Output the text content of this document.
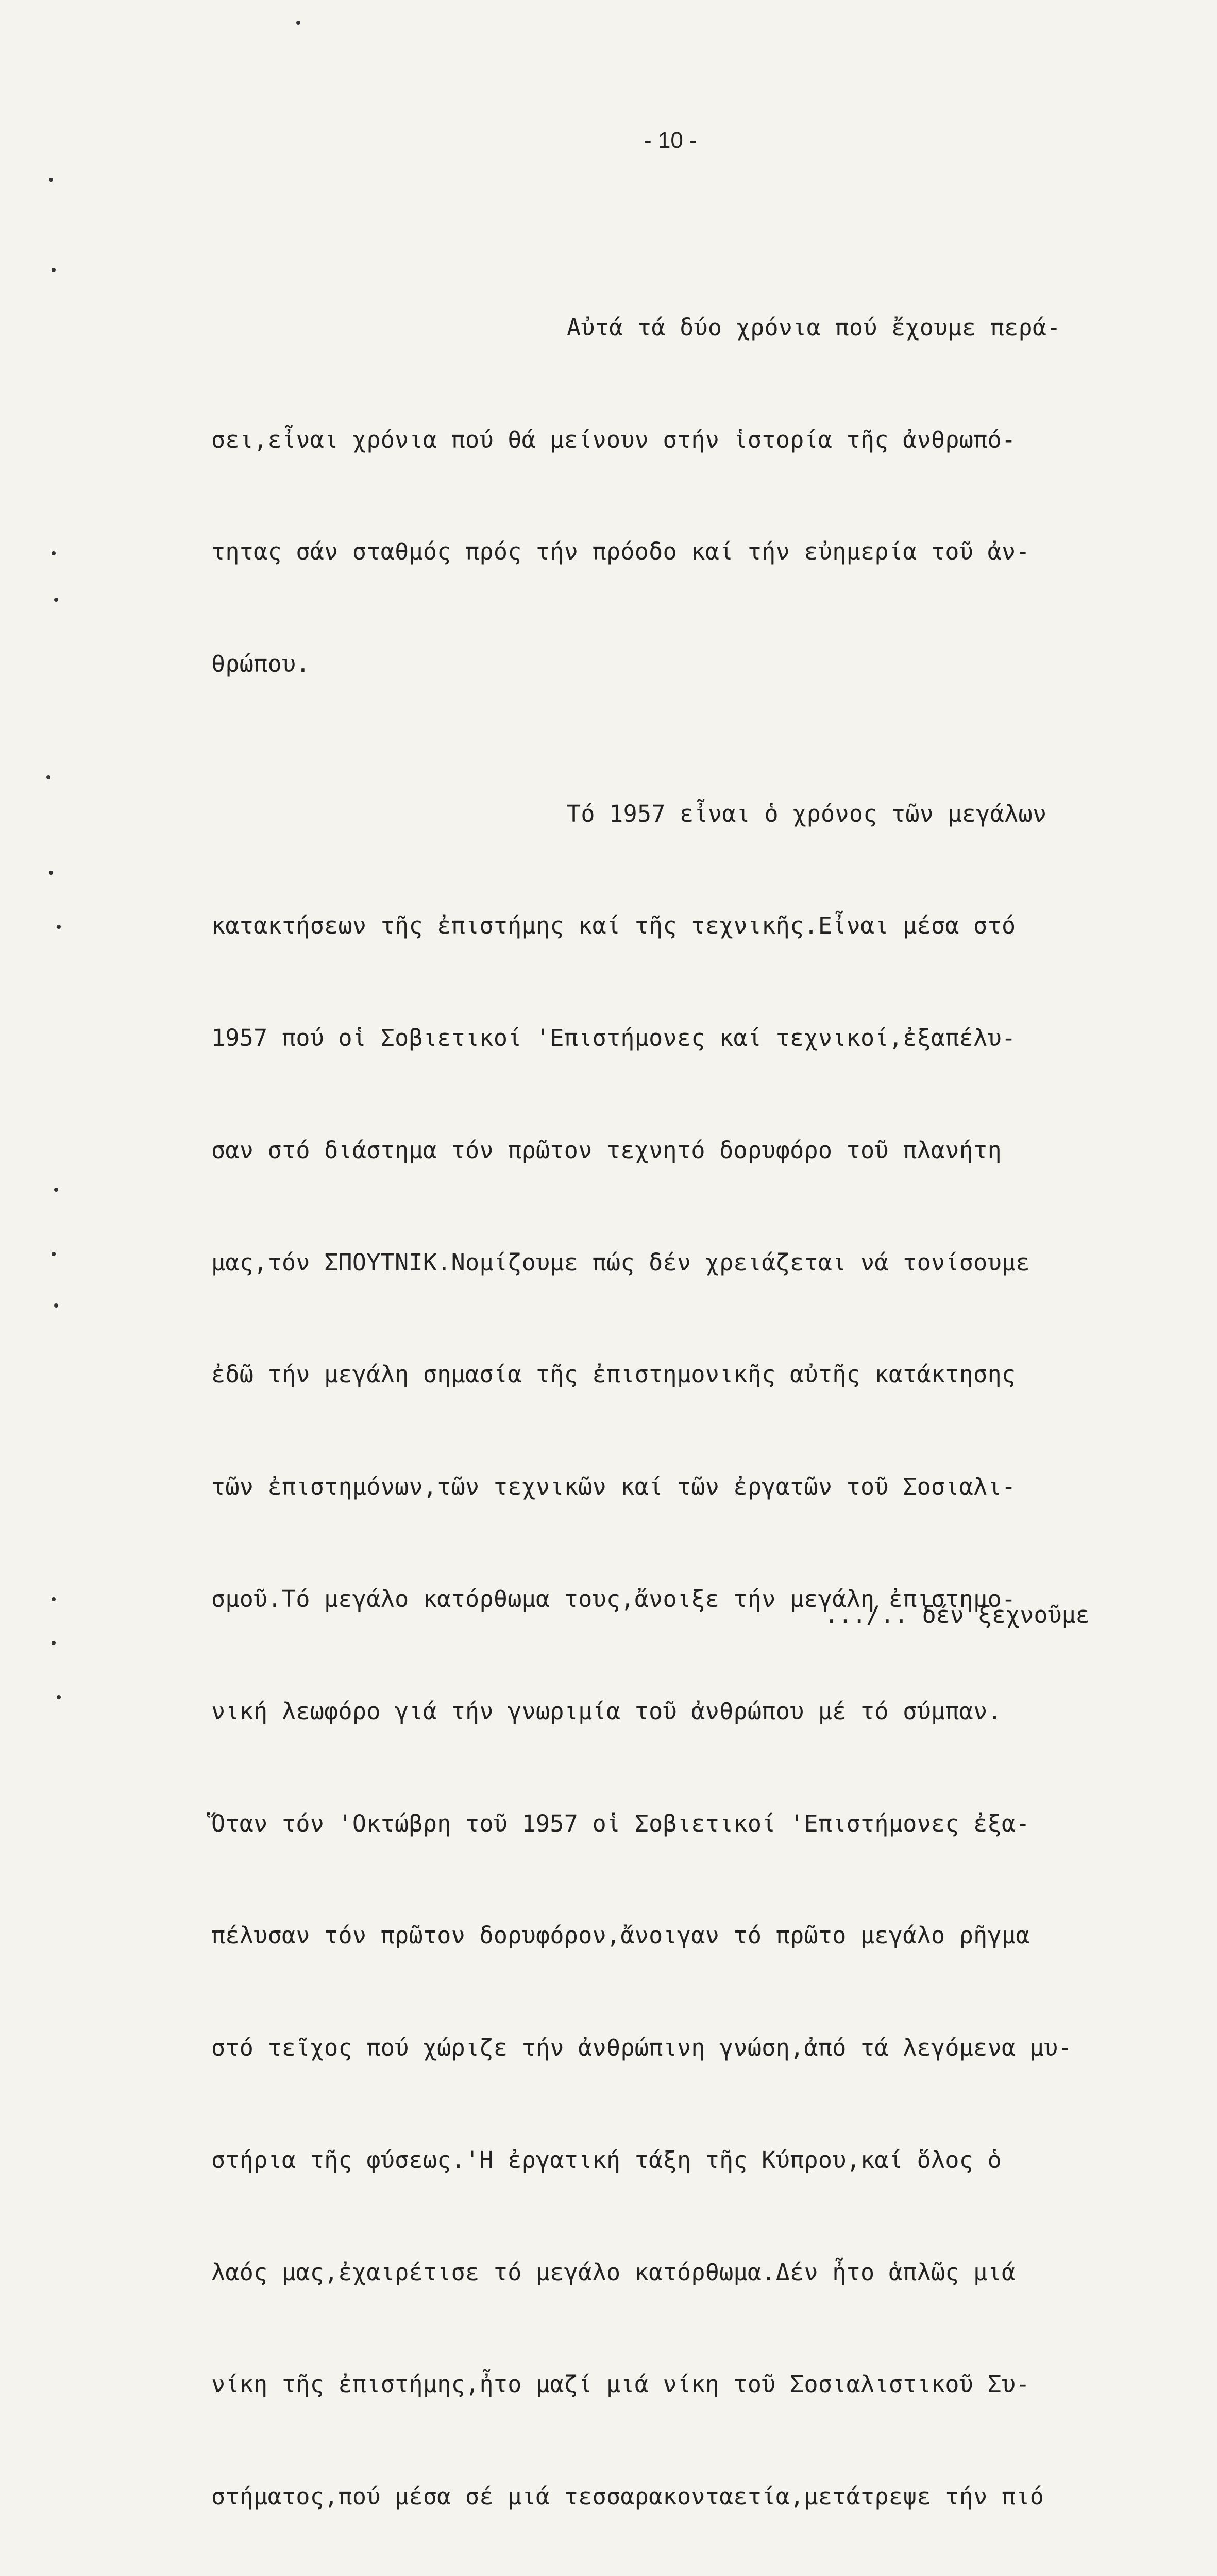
- 10 -

Αὐτά τά δύο χρόνια πού ἔχουμε περά-

σει,εἶναι χρόνια πού θά μείνουν στήν ἱστορία τῆς ἀνθρωπό-

τητας σάν σταθμός πρός τήν πρόοδο καί τήν εὐημερία τοῦ ἀν-

θρώπου.

Τό 1957 εἶναι ὁ χρόνος τῶν μεγάλων

κατακτήσεων τῆς ἐπιστήμης καί τῆς τεχνικῆς.Εἶναι μέσα στό

1957 πού οἱ Σοβιετικοί 'Επιστήμονες καί τεχνικοί,ἐξαπέλυ-

σαν στό διάστημα τόν πρῶτον τεχνητό δορυφόρο τοῦ πλανήτη

μας,τόν ΣΠΟΥΤΝΙΚ.Νομίζουμε πώς δέν χρειάζεται νά τονίσουμε

ἐδῶ τήν μεγάλη σημασία τῆς ἐπιστημονικῆς αὐτῆς κατάκτησης

τῶν ἐπιστημόνων,τῶν τεχνικῶν καί τῶν ἐργατῶν τοῦ Σοσιαλι-

σμοῦ.Τό μεγάλο κατόρθωμα τους,ἄνοιξε τήν μεγάλη ἐπιστημο-

νική λεωφόρο γιά τήν γνωριμία τοῦ ἀνθρώπου μέ τό σύμπαν.

Ὅταν τόν 'Οκτώβρη τοῦ 1957 οἱ Σοβιετικοί 'Επιστήμονες ἐξα-

πέλυσαν τόν πρῶτον δορυφόρον,ἄνοιγαν τό πρῶτο μεγάλο ρῆγμα

στό τεῖχος πού χώριζε τήν ἀνθρώπινη γνώση,ἀπό τά λεγόμενα μυ-

στήρια τῆς φύσεως.'Η ἐργατική τάξη τῆς Κύπρου,καί ὅλος ὁ

λαός μας,ἐχαιρέτισε τό μεγάλο κατόρθωμα.Δέν ἦτο ἁπλῶς μιά

νίκη τῆς ἐπιστήμης,ἦτο μαζί μιά νίκη τοῦ Σοσιαλιστικοῦ Συ-

στήματος,πού μέσα σέ μιά τεσσαρακονταετία,μετάτρεψε τήν πιό

.../.. δέν ξεχνοῦμε
